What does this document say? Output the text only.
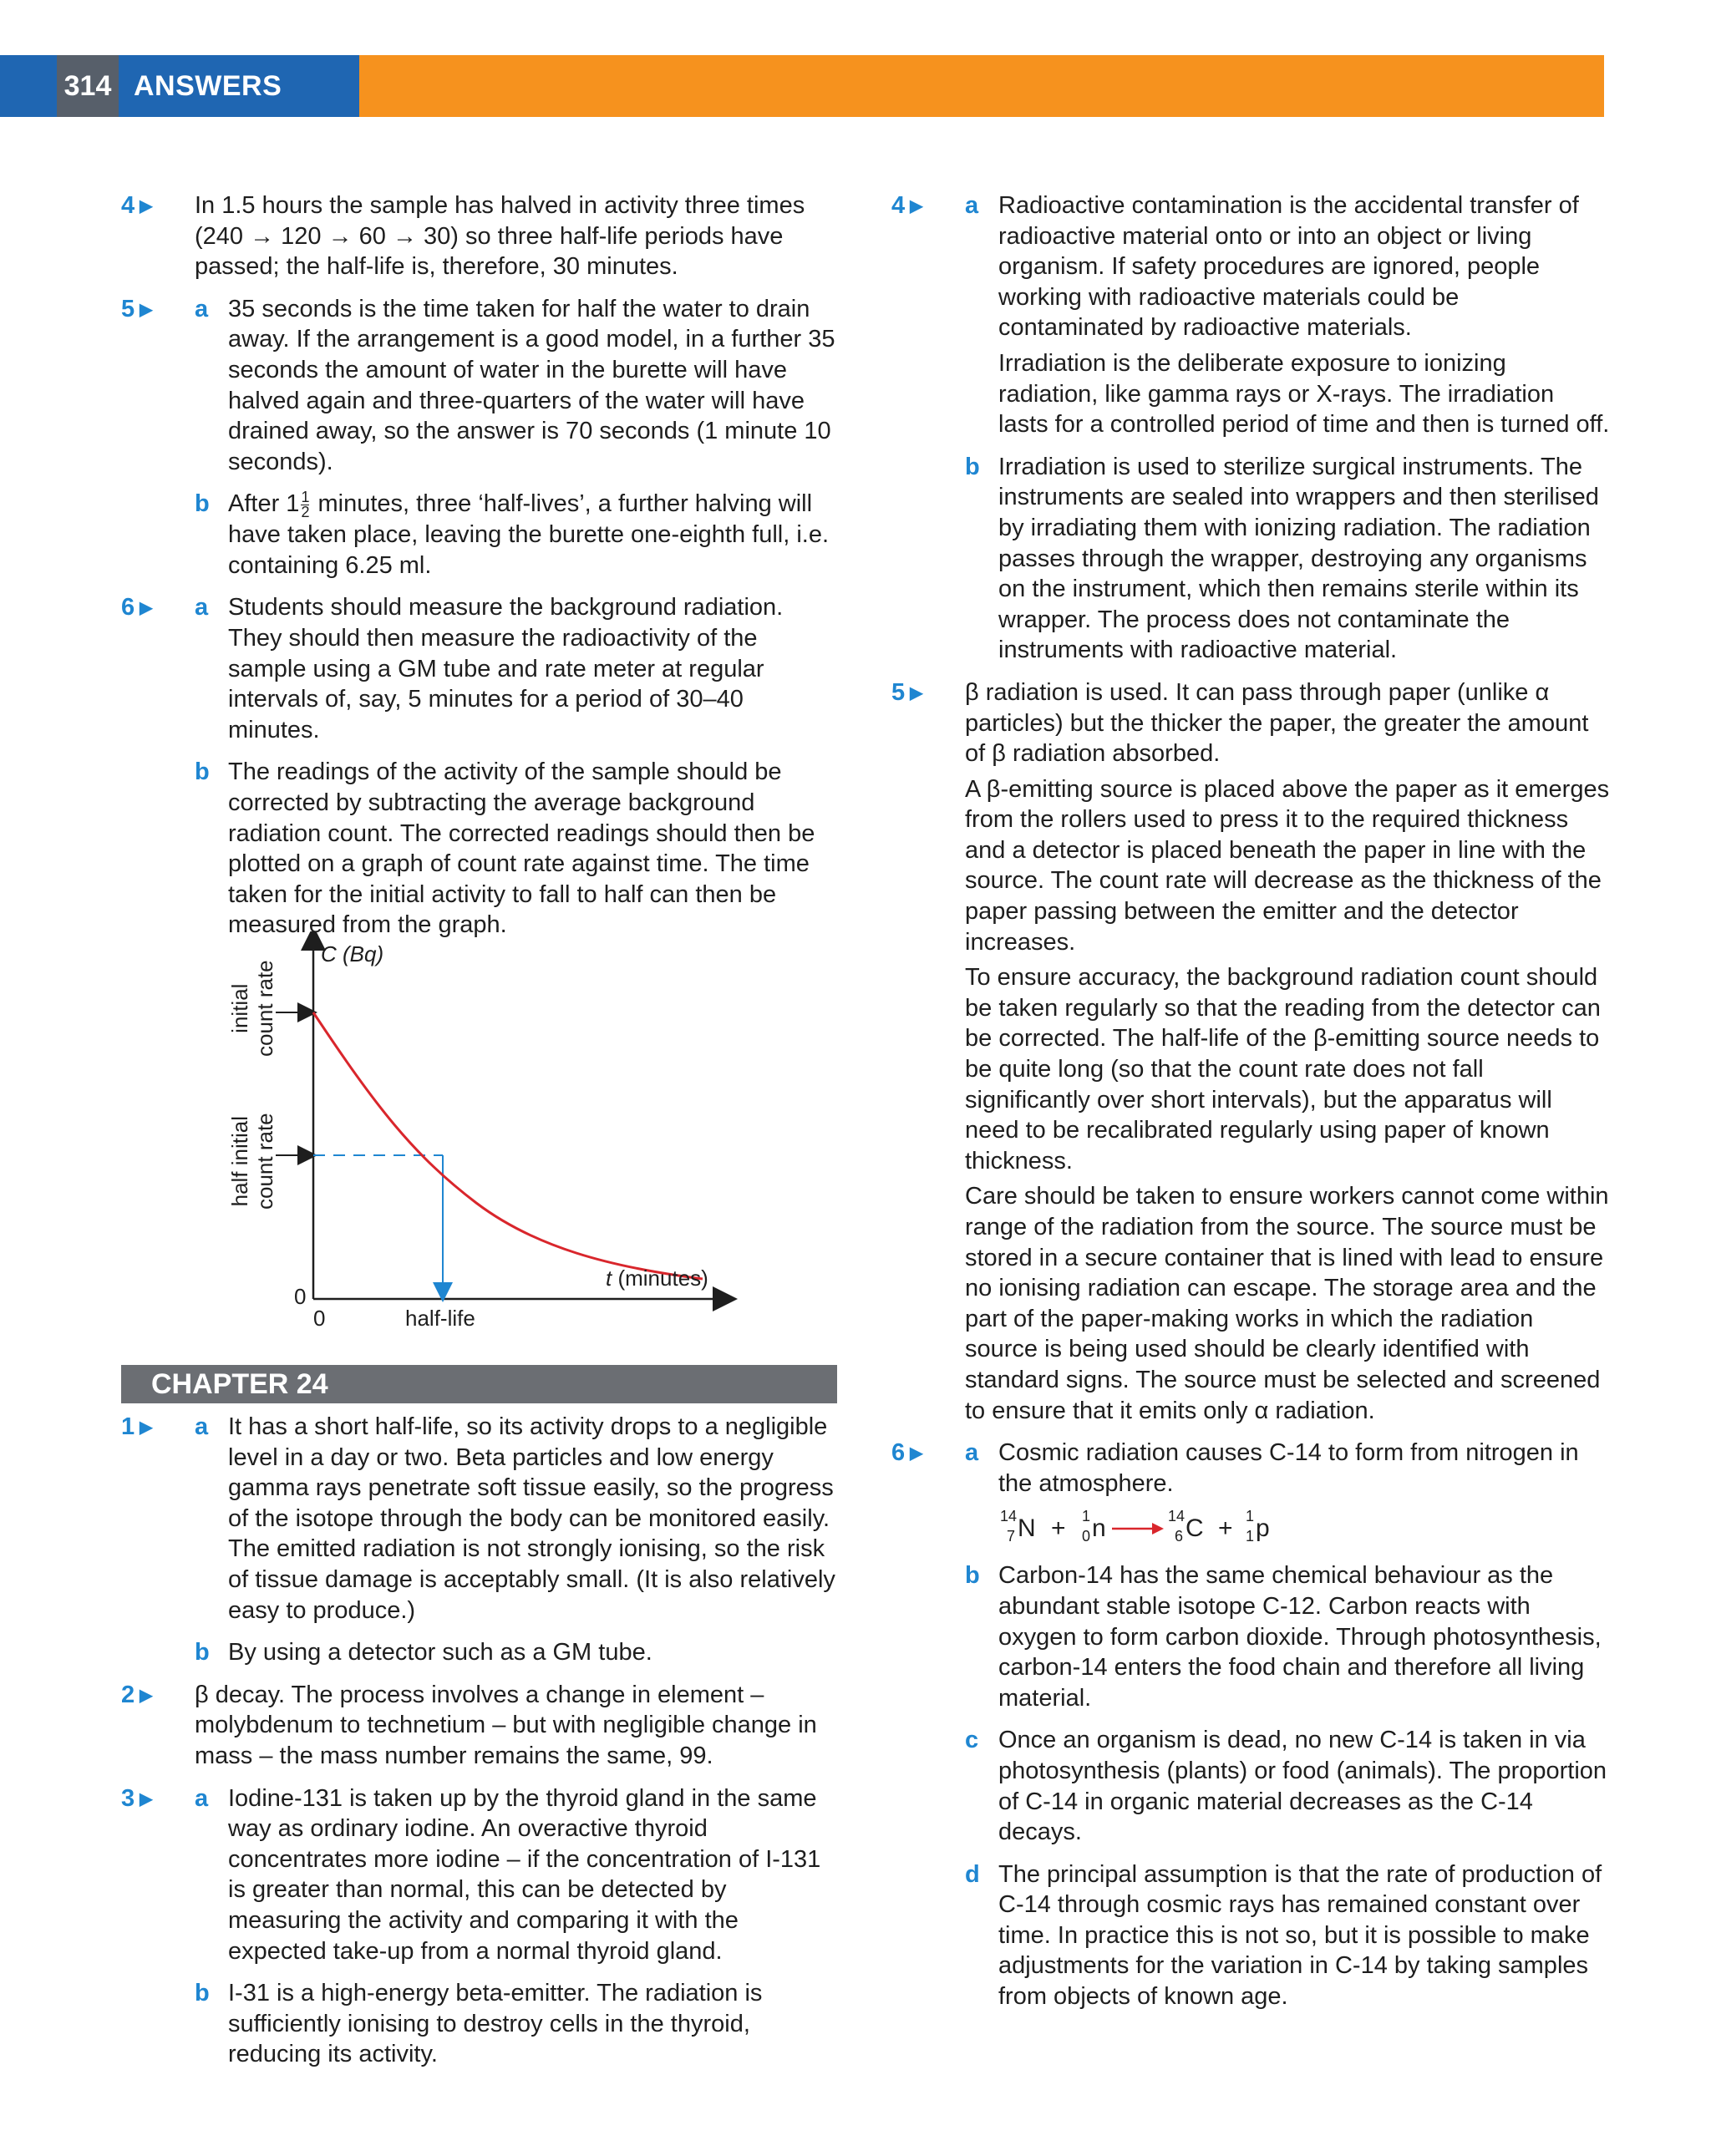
314 ANSWERS
4 ▶ In 1.5 hours the sample has halved in activity three times (240 → 120 → 60 → 30) so three half-life periods have passed; the half-life is, therefore, 30 minutes.
5 ▶ a 35 seconds is the time taken for half the water to drain away. If the arrangement is a good model, in a further 35 seconds the amount of water in the burette will have halved again and three-quarters of the water will have drained away, so the answer is 70 seconds (1 minute 10 seconds).
b After $1 \frac{1}{2}$ minutes, three ‘half-lives’, a further halving will have taken place, leaving the burette one-eighth full, i.e. containing 6.25 ml.
6 ▶ a Students should measure the background radiation. They should then measure the radioactivity of the sample using a GM tube and rate meter at regular intervals of, say, 5 minutes for a period of 30–40 minutes.
b The readings of the activity of the sample should be corrected by subtracting the average background radiation count. The corrected readings should then be plotted on a graph of count rate against time. The time taken for the initial activity to fall to half can then be measured from the graph.
C (Bq)
t (minutes)
0
0	half-life
initial count rate
half initial count rate
CHAPTER 24
1 ▶ a It has a short half-life, so its activity drops to a negligible level in a day or two. Beta particles and low energy gamma rays penetrate soft tissue easily, so the progress of the isotope through the body can be monitored easily. The emitted radiation is not strongly ionising, so the risk of tissue damage is acceptably small. (It is also relatively easy to produce.)
b By using a detector such as a GM tube.
2 ▶ β decay. The process involves a change in element – molybdenum to technetium – but with negligible change in mass – the mass number remains the same, 99.
3 ▶ a Iodine-131 is taken up by the thyroid gland in the same way as ordinary iodine. An overactive thyroid concentrates more iodine – if the concentration of I-131 is greater than normal, this can be detected by measuring the activity and comparing it with the expected take-up from a normal thyroid gland.
b I-31 is a high-energy beta-emitter. The radiation is sufficiently ionising to destroy cells in the thyroid, reducing its activity.
4 ▶ a Radioactive contamination is the accidental transfer of radioactive material onto or into an object or living organism. If safety procedures are ignored, people working with radioactive materials could be contaminated by radioactive materials.
Irradiation is the deliberate exposure to ionizing radiation, like gamma rays or X-rays. The irradiation lasts for a controlled period of time and then is turned off.
b Irradiation is used to sterilize surgical instruments. The instruments are sealed into wrappers and then sterilised by irradiating them with ionizing radiation. The radiation passes through the wrapper, destroying any organisms on the instrument, which then remains sterile within its wrapper. The process does not contaminate the instruments with radioactive material.
5 ▶ β radiation is used. It can pass through paper (unlike α particles) but the thicker the paper, the greater the amount of β radiation absorbed.
A β-emitting source is placed above the paper as it emerges from the rollers used to press it to the required thickness and a detector is placed beneath the paper in line with the source. The count rate will decrease as the thickness of the paper passing between the emitter and the detector increases.
To ensure accuracy, the background radiation count should be taken regularly so that the reading from the detector can be corrected. The half-life of the β-emitting source needs to be quite long (so that the count rate does not fall significantly over short intervals), but the apparatus will need to be recalibrated regularly using paper of known thickness.
Care should be taken to ensure workers cannot come within range of the radiation from the source. The source must be stored in a secure container that is lined with lead to ensure no ionising radiation can escape. The storage area and the part of the paper-making works in which the radiation source is being used should be clearly identified with standard signs. The source must be selected and screened to ensure that it emits only α radiation.
6 ▶ a Cosmic radiation causes C-14 to form from nitrogen in the atmosphere.
14
7 N + 1
0 n →
14
6 C + 1
1 p
b Carbon-14 has the same chemical behaviour as the abundant stable isotope C-12. Carbon reacts with oxygen to form carbon dioxide. Through photosynthesis, carbon-14 enters the food chain and therefore all living material.
c Once an organism is dead, no new C-14 is taken in via photosynthesis (plants) or food (animals). The proportion of C-14 in organic material decreases as the C-14 decays.
d The principal assumption is that the rate of production of C-14 through cosmic rays has remained constant over time. In practice this is not so, but it is possible to make adjustments for the variation in C-14 by taking samples from objects of known age.
